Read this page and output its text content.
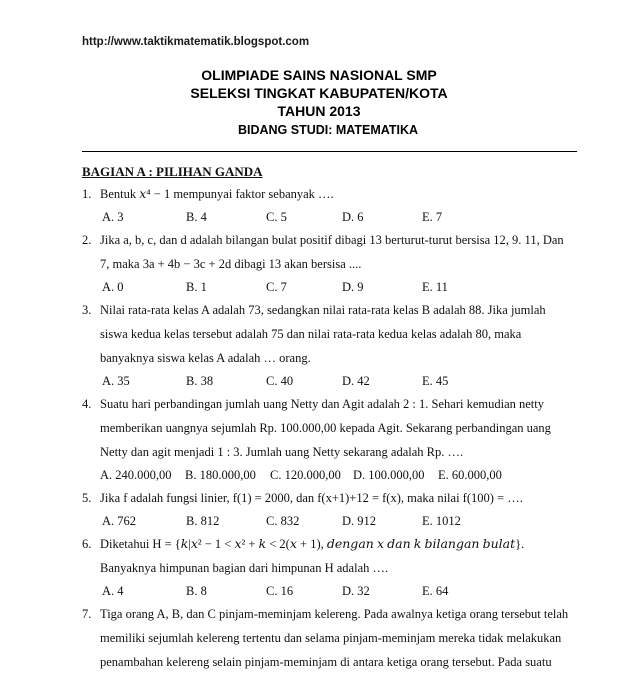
http://www.taktikmatematik.blogspot.com
OLIMPIADE SAINS NASIONAL SMP
SELEKSI TINGKAT KABUPATEN/KOTA
TAHUN 2013
BIDANG STUDI: MATEMATIKA
BAGIAN A : PILIHAN GANDA
1. Bentuk 𝑥⁴ − 1 mempunyai faktor sebanyak ….
A. 3	B. 4	C. 5	D. 6	E. 7
2. Jika a, b, c, dan d adalah bilangan bulat positif dibagi 13 berturut-turut bersisa 12, 9. 11, Dan
7, maka 3a + 4b − 3c + 2d dibagi 13 akan bersisa ....
A. 0	B. 1	C. 7	D. 9	E. 11
3. Nilai rata-rata kelas A adalah 73, sedangkan nilai rata-rata kelas B adalah 88. Jika jumlah
siswa kedua kelas tersebut adalah 75 dan nilai rata-rata kedua kelas adalah 80, maka
banyaknya siswa kelas A adalah … orang.
A. 35	B. 38	C. 40	D. 42	E. 45
4. Suatu hari perbandingan jumlah uang Netty dan Agit adalah 2 : 1. Sehari kemudian netty
memberikan uangnya sejumlah Rp. 100.000,00 kepada Agit. Sekarang perbandingan uang
Netty dan agit menjadi 1 : 3. Jumlah uang Netty sekarang adalah Rp. ….
A. 240.000,00 B. 180.000,00 C. 120.000,00 D. 100.000,00 E. 60.000,00
5. Jika f adalah fungsi linier, f(1) = 2000, dan f(x+1)+12 = f(x), maka nilai f(100) = ….
A. 762	B. 812	C. 832	D. 912	E. 1012
6. Diketahui H = {𝑘|𝑥² − 1 < 𝑥² + 𝑘 < 2(𝑥 + 1), 𝑑𝑒𝑛𝑔𝑎𝑛 𝑥 𝑑𝑎𝑛 𝑘 𝑏𝑖𝑙𝑎𝑛𝑔𝑎𝑛 𝑏𝑢𝑙𝑎𝑡}.
Banyaknya himpunan bagian dari himpunan H adalah ….
A. 4	B. 8	C. 16	D. 32	E. 64
7. Tiga orang A, B, dan C pinjam-meminjam kelereng. Pada awalnya ketiga orang tersebut telah
memiliki sejumlah kelereng tertentu dan selama pinjam-meminjam mereka tidak melakukan
penambahan kelereng selain pinjam-meminjam di antara ketiga orang tersebut. Pada suatu
